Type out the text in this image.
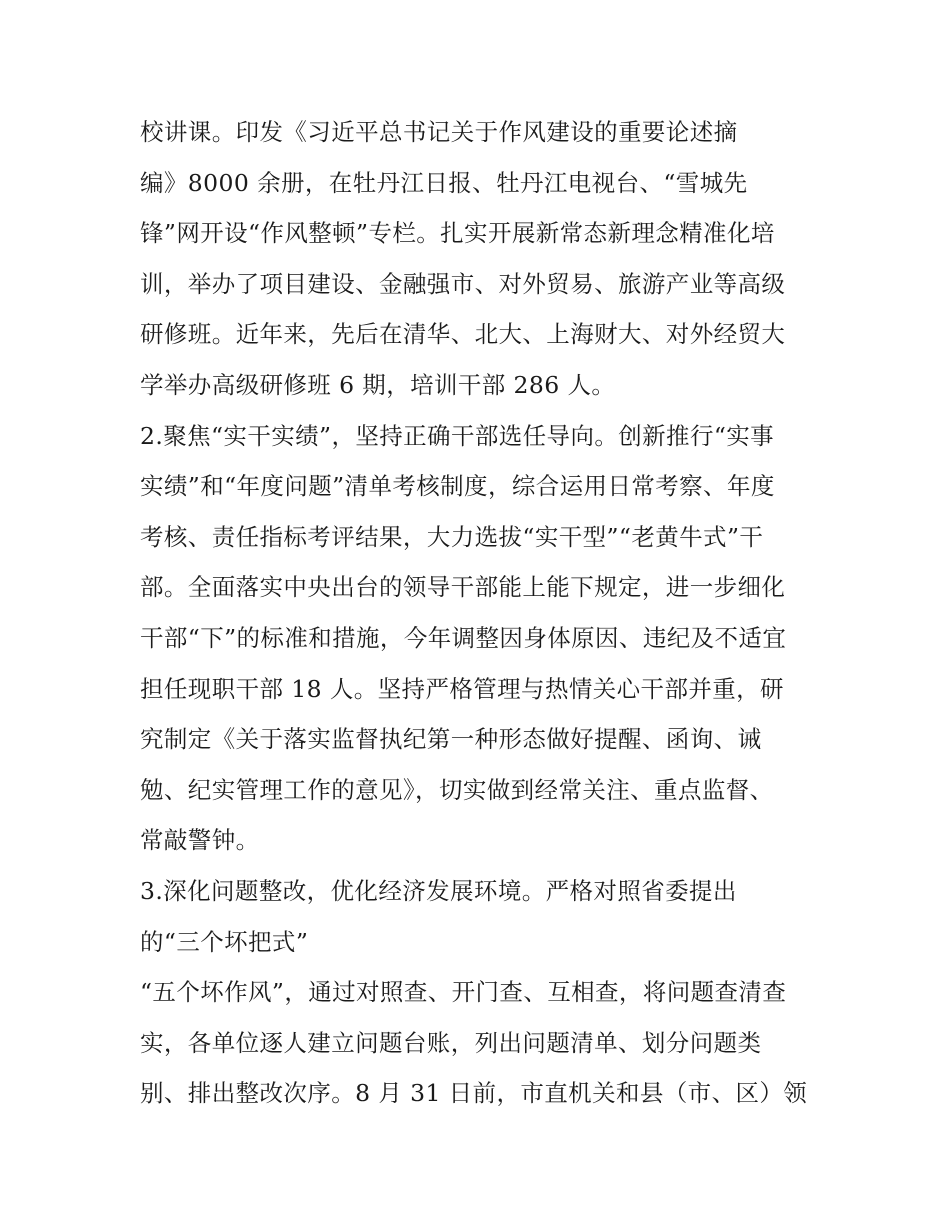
校讲课。印发《习近平总书记关于作风建设的重要论述摘
编》8000 余册，在牡丹江日报、牡丹江电视台、“雪城先
锋”网开设“作风整顿”专栏。扎实开展新常态新理念精准化培
训，举办了项目建设、金融强市、对外贸易、旅游产业等高级
研修班。近年来，先后在清华、北大、上海财大、对外经贸大
学举办高级研修班 6 期，培训干部 286 人。
2.聚焦“实干实绩”，坚持正确干部选任导向。创新推行“实事
实绩”和“年度问题”清单考核制度，综合运用日常考察、年度
考核、责任指标考评结果，大力选拔“实干型”“老黄牛式”干
部。全面落实中央出台的领导干部能上能下规定，进一步细化
干部“下”的标准和措施，今年调整因身体原因、违纪及不适宜
担任现职干部 18 人。坚持严格管理与热情关心干部并重，研
究制定《关于落实监督执纪第一种形态做好提醒、函询、诫
勉、纪实管理工作的意见》，切实做到经常关注、重点监督、
常敲警钟。
3.深化问题整改，优化经济发展环境。严格对照省委提出
的“三个坏把式”
“五个坏作风”，通过对照查、开门查、互相查，将问题查清查
实，各单位逐人建立问题台账，列出问题清单、划分问题类
别、排出整改次序。8 月 31 日前，市直机关和县（市、区）领
